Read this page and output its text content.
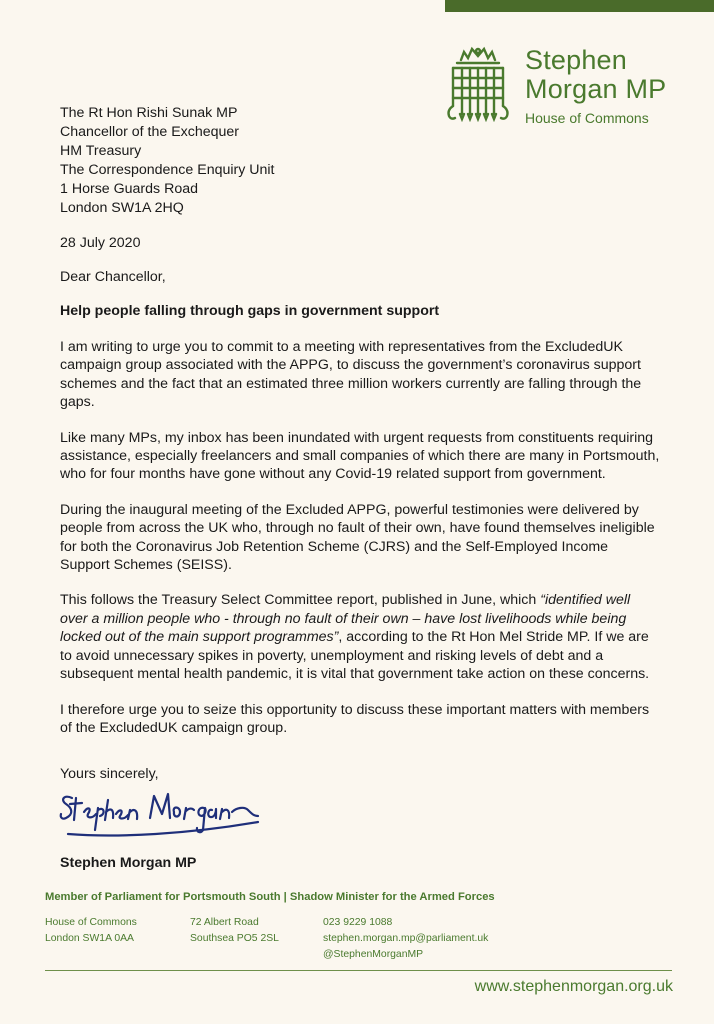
Stephen
Morgan MP
House of Commons
The Rt Hon Rishi Sunak MP
Chancellor of the Exchequer
HM Treasury
The Correspondence Enquiry Unit
1 Horse Guards Road
London SW1A 2HQ
28 July 2020
Dear Chancellor,
Help people falling through gaps in government support

I am writing to urge you to commit to a meeting with representatives from the ExcludedUK campaign group associated with the APPG, to discuss the government’s coronavirus support schemes and the fact that an estimated three million workers currently are falling through the gaps.

Like many MPs, my inbox has been inundated with urgent requests from constituents requiring assistance, especially freelancers and small companies of which there are many in Portsmouth, who for four months have gone without any Covid-19 related support from government.

During the inaugural meeting of the Excluded APPG, powerful testimonies were delivered by people from across the UK who, through no fault of their own, have found themselves ineligible for both the Coronavirus Job Retention Scheme (CJRS) and the Self-Employed Income Support Schemes (SEISS).

This follows the Treasury Select Committee report, published in June, which “identified well over a million people who - through no fault of their own – have lost livelihoods while being locked out of the main support programmes”, according to the Rt Hon Mel Stride MP. If we are to avoid unnecessary spikes in poverty, unemployment and risking levels of debt and a subsequent mental health pandemic, it is vital that government take action on these concerns.

I therefore urge you to seize this opportunity to discuss these important matters with members of the ExcludedUK campaign group.

Yours sincerely,
Stephen Morgan MP
Member of Parliament for Portsmouth South | Shadow Minister for the Armed Forces
House of Commons
London SW1A 0AA
72 Albert Road
Southsea PO5 2SL
023 9229 1088
stephen.morgan.mp@parliament.uk
@StephenMorganMP
www.stephenmorgan.org.uk
